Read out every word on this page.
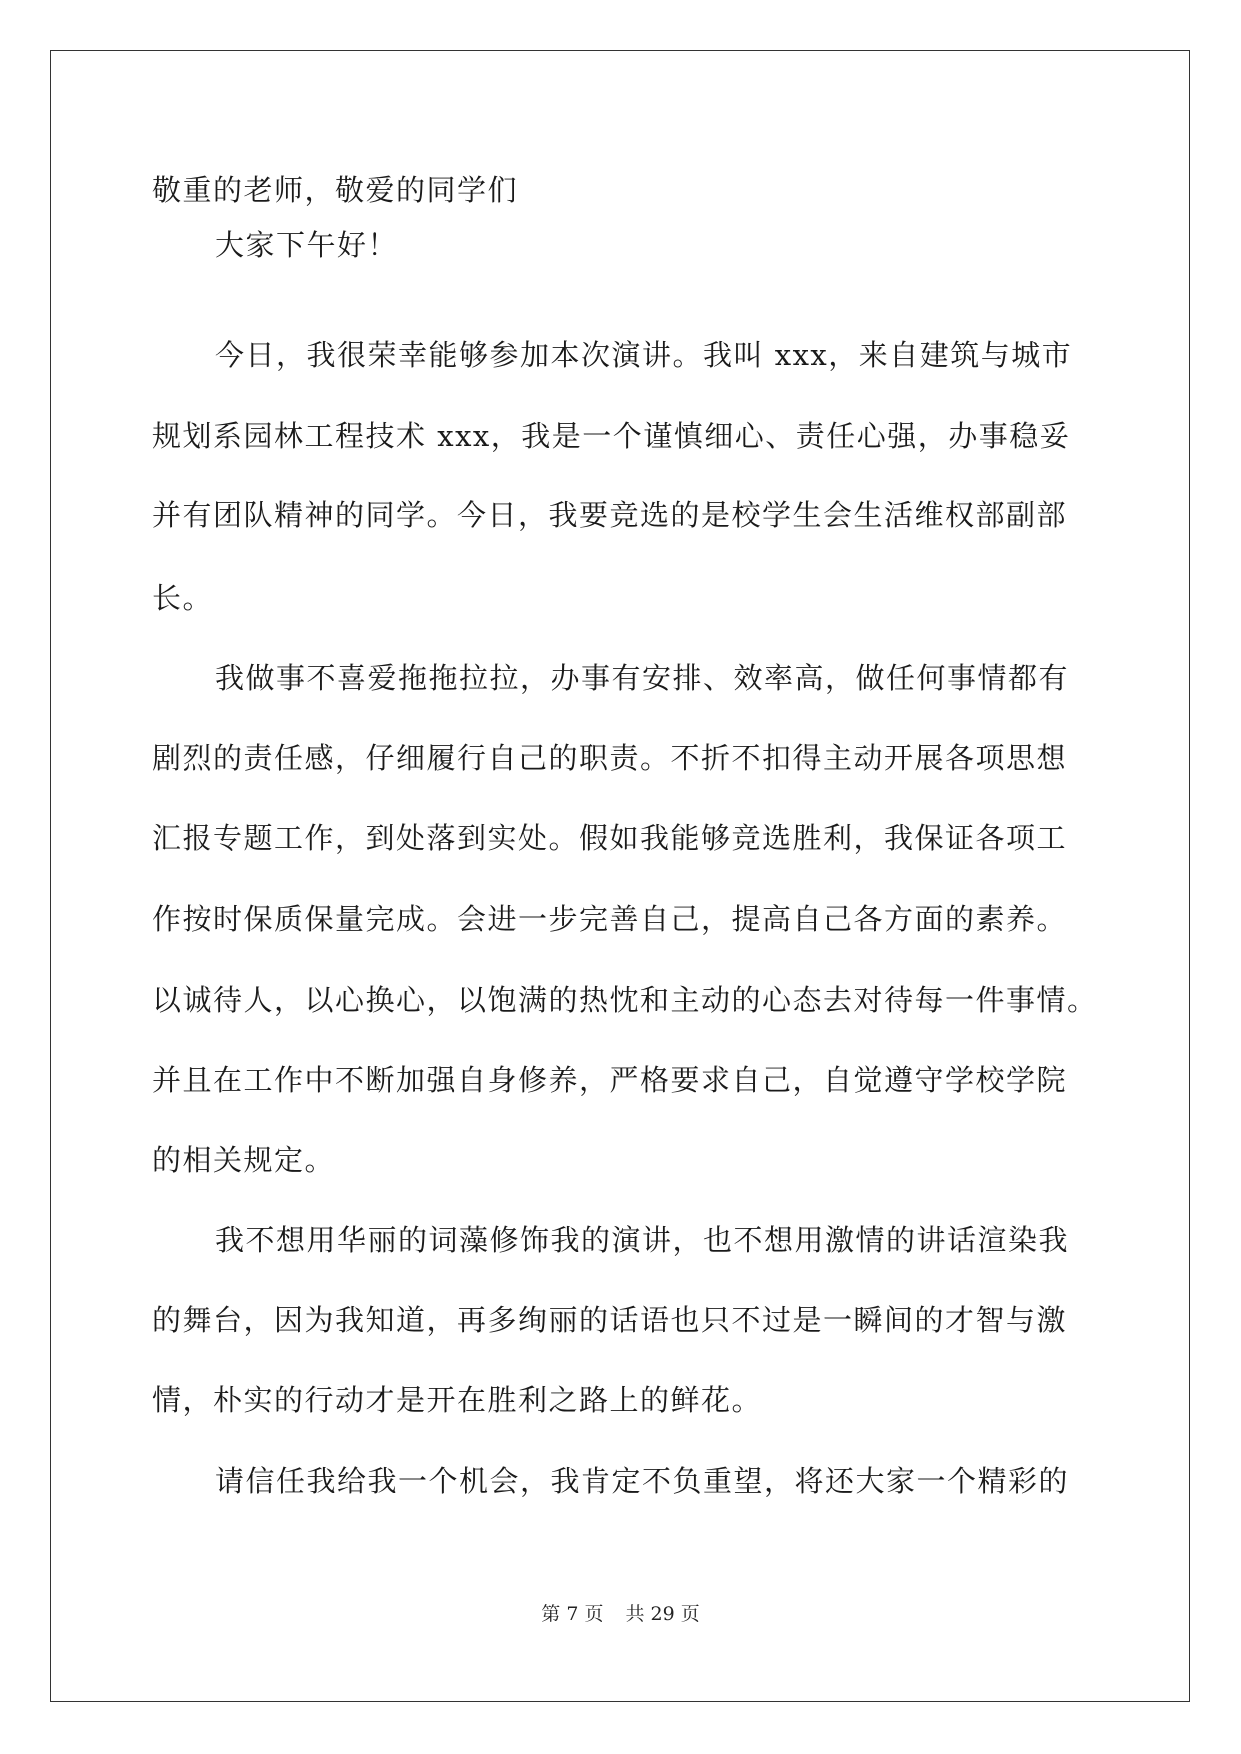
敬重的老师，敬爱的同学们
大家下午好！
今日，我很荣幸能够参加本次演讲。我叫 xxx，来自建筑与城市
规划系园林工程技术 xxx，我是一个谨慎细心、责任心强，办事稳妥
并有团队精神的同学。今日，我要竞选的是校学生会生活维权部副部
长。
我做事不喜爱拖拖拉拉，办事有安排、效率高，做任何事情都有
剧烈的责任感，仔细履行自己的职责。不折不扣得主动开展各项思想
汇报专题工作，到处落到实处。假如我能够竞选胜利，我保证各项工
作按时保质保量完成。会进一步完善自己，提高自己各方面的素养。
以诚待人，以心换心，以饱满的热忱和主动的心态去对待每一件事情。
并且在工作中不断加强自身修养，严格要求自己，自觉遵守学校学院
的相关规定。
我不想用华丽的词藻修饰我的演讲，也不想用激情的讲话渲染我
的舞台，因为我知道，再多绚丽的话语也只不过是一瞬间的才智与激
情，朴实的行动才是开在胜利之路上的鲜花。
请信任我给我一个机会，我肯定不负重望，将还大家一个精彩的
第 7 页 共 29 页
